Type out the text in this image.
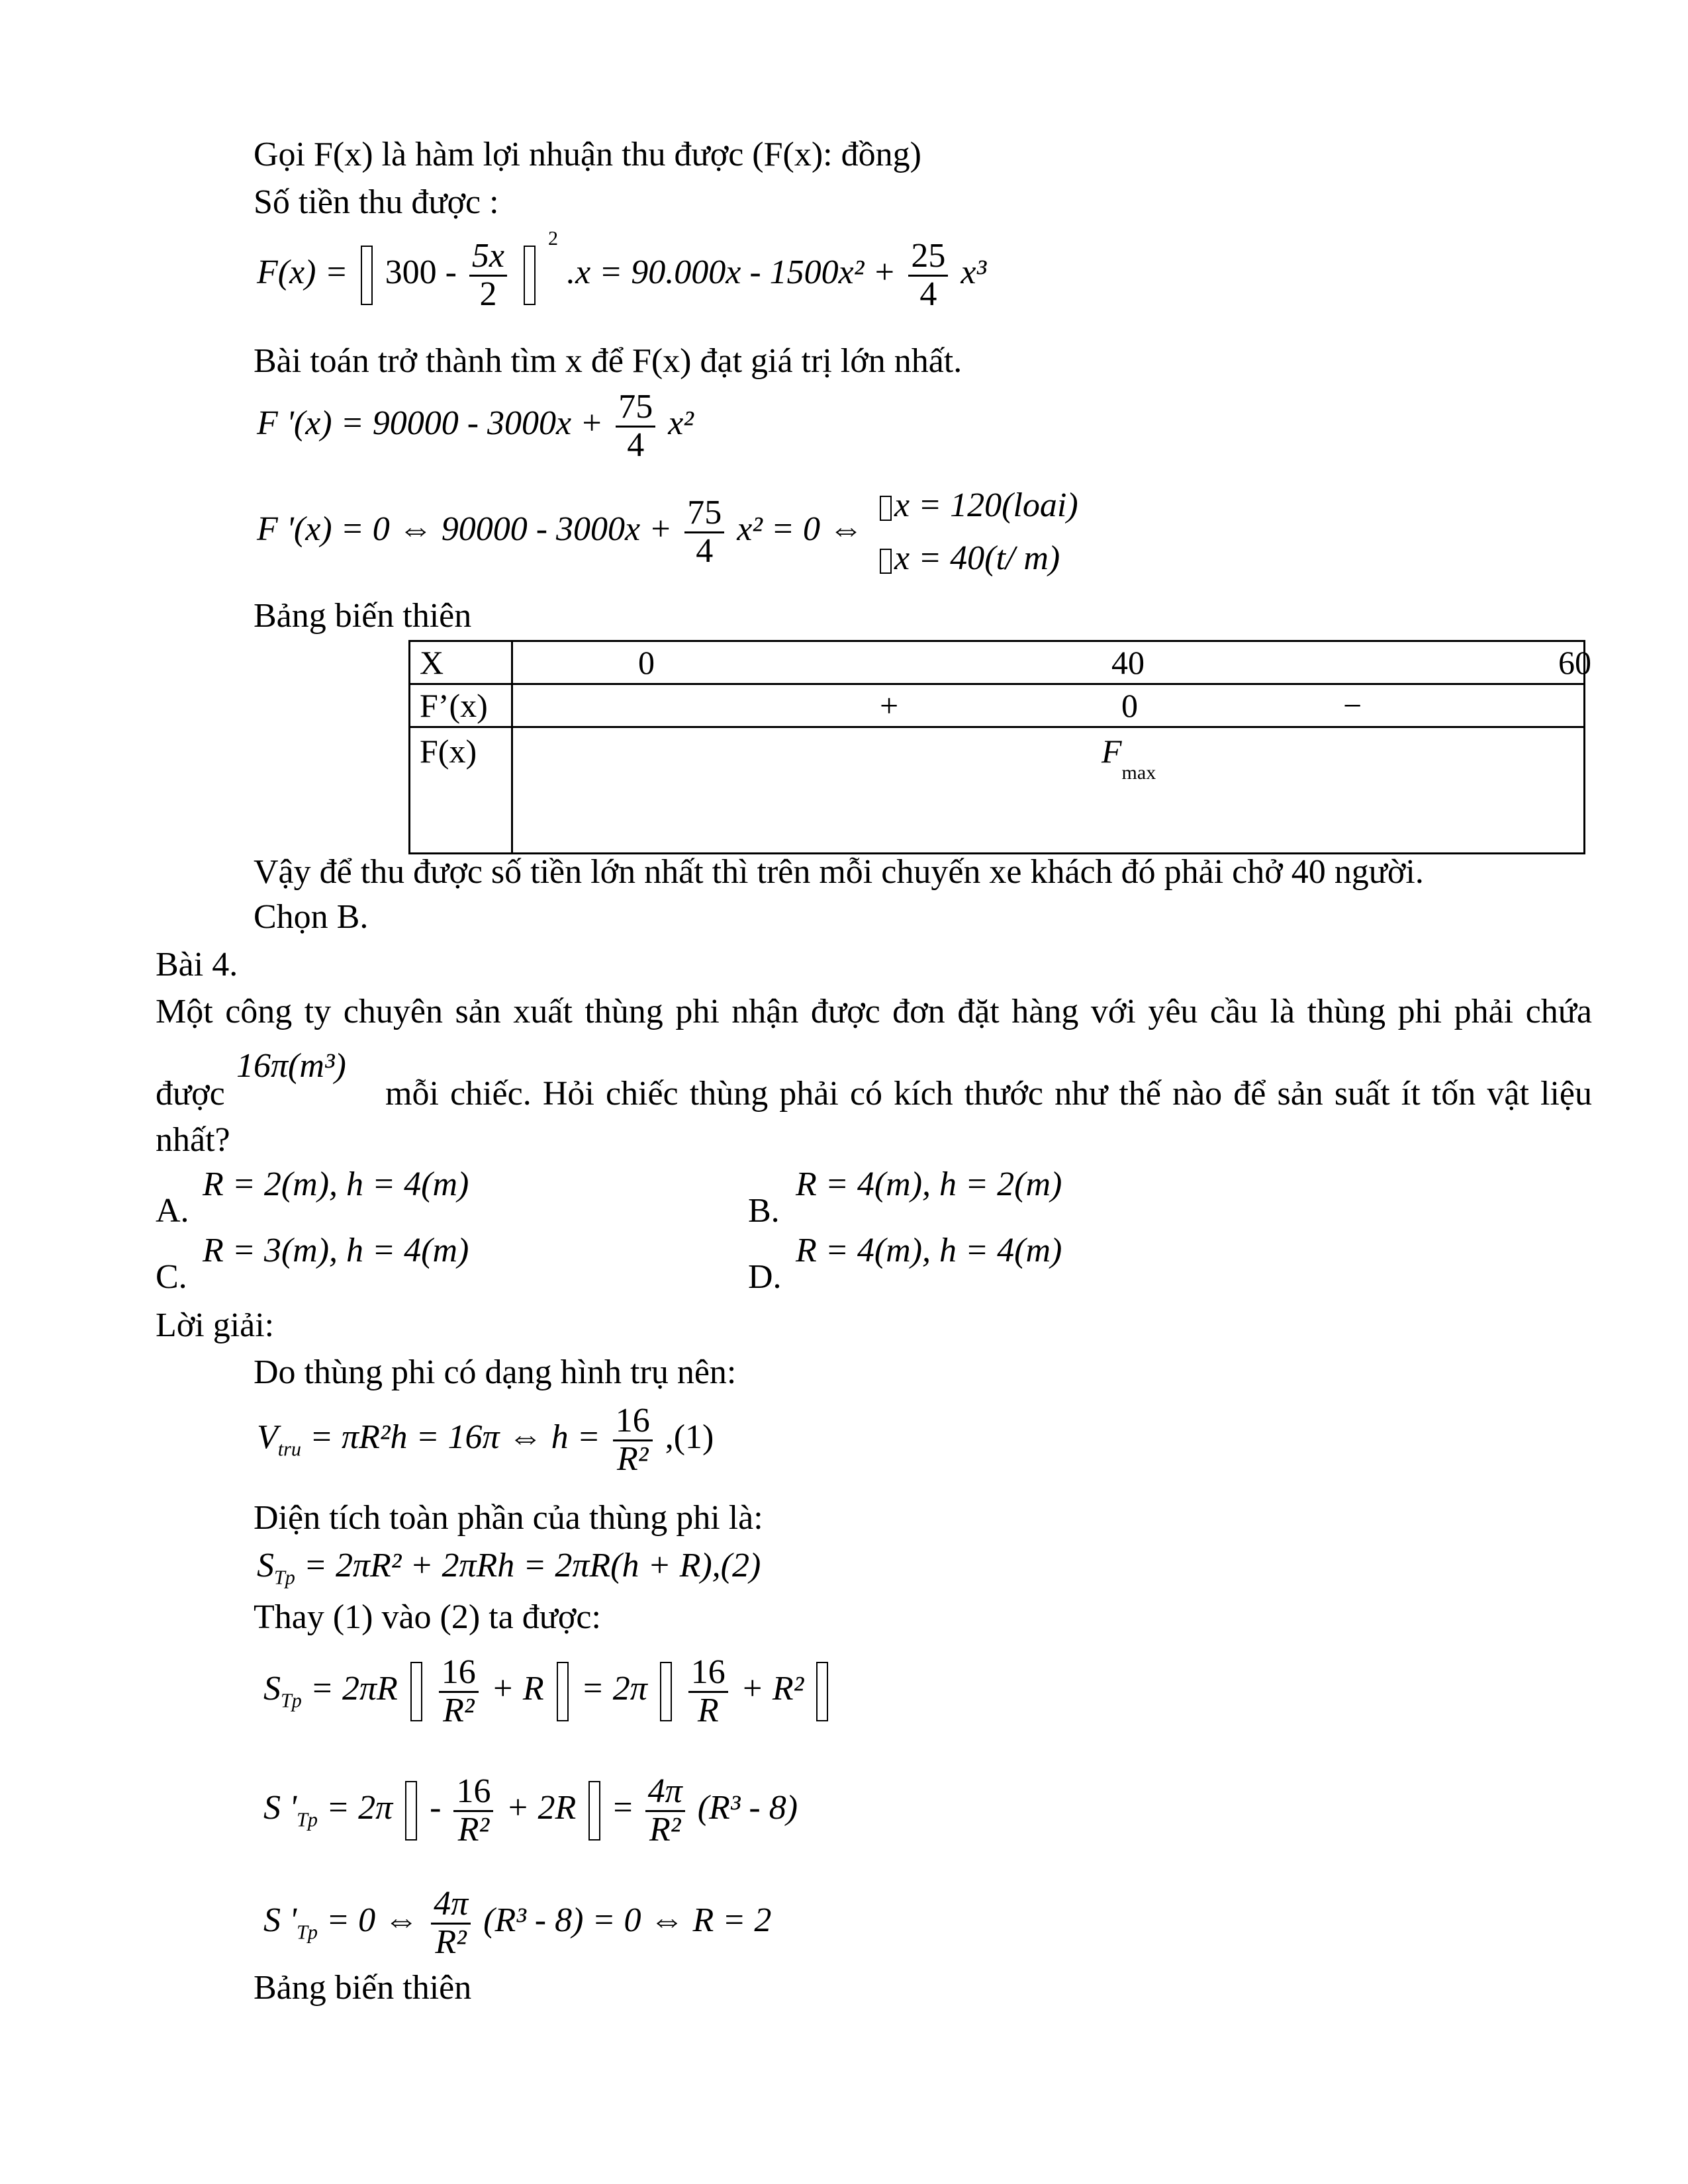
Gọi F(x) là hàm lợi nhuận thu được (F(x): đồng)
Số tiền thu được :
$F(x) = 300 - \frac{5x}{2}$
$^2$ $.x = 90.000x - 1500x^2 + \frac{25}{4} x^3$
Bài toán trở thành tìm x để F(x) đạt giá trị lớn nhất.
F '$(x) = 90000 - 3000x + \frac{75}{4} x^2$
F '(x) = 0 ⇔ $90000 - 3000x + \frac{75}{4} x^2 = 0$ ⇔
x = 120(loai)
x = 40(t/ m)
Bảng biến thiên
X	0 40 60

F’(x)	+ 0 −

F(x)	$F_{max}$
Vậy để thu được số tiền lớn nhất thì trên mỗi chuyến xe khách đó phải chở 40 người.
Chọn B.
Bài 4.
Một công ty chuyên sản xuất thùng phi nhận được đơn đặt hàng với yêu cầu là thùng phi phải chứa
được
16π(m³)
mỗi chiếc. Hỏi chiếc thùng phải có kích thước như thế nào để sản suất ít tốn vật liệu
nhất?
A.
R = 2(m), h = 4(m)
B.
R = 4(m), h = 2(m)
C.
R = 3(m), h = 4(m)
D.
R = 4(m), h = 4(m)
Lời giải:
Do thùng phi có dạng hình trụ nên:
$V_{tru} = \pi R^2h = 16\pi$ ⇔ $h = \frac{16}{\text{R²}} ,(1)$
Diện tích toàn phần của thùng phi là:
$S_{Tp} = 2\pi R^2 + 2\pi Rh = 2\pi R(h + R),(2)$
Thay (1) vào (2) ta được:
$S_{Tp} = 2\pi R \frac{16}{\text{R²}} + R = 2\pi \frac{16}{R} + R^2$
S '$_{Tp} = 2\pi - \frac{16}{\text{R²}} + 2R = \frac{4\pi}{\text{R²}} (R^3 - 8)$
S '$_{Tp} = 0$ ⇔ $\frac{4\pi}{\text{R²}} (R^3 - 8) = 0$ ⇔ R = 2
Bảng biến thiên
